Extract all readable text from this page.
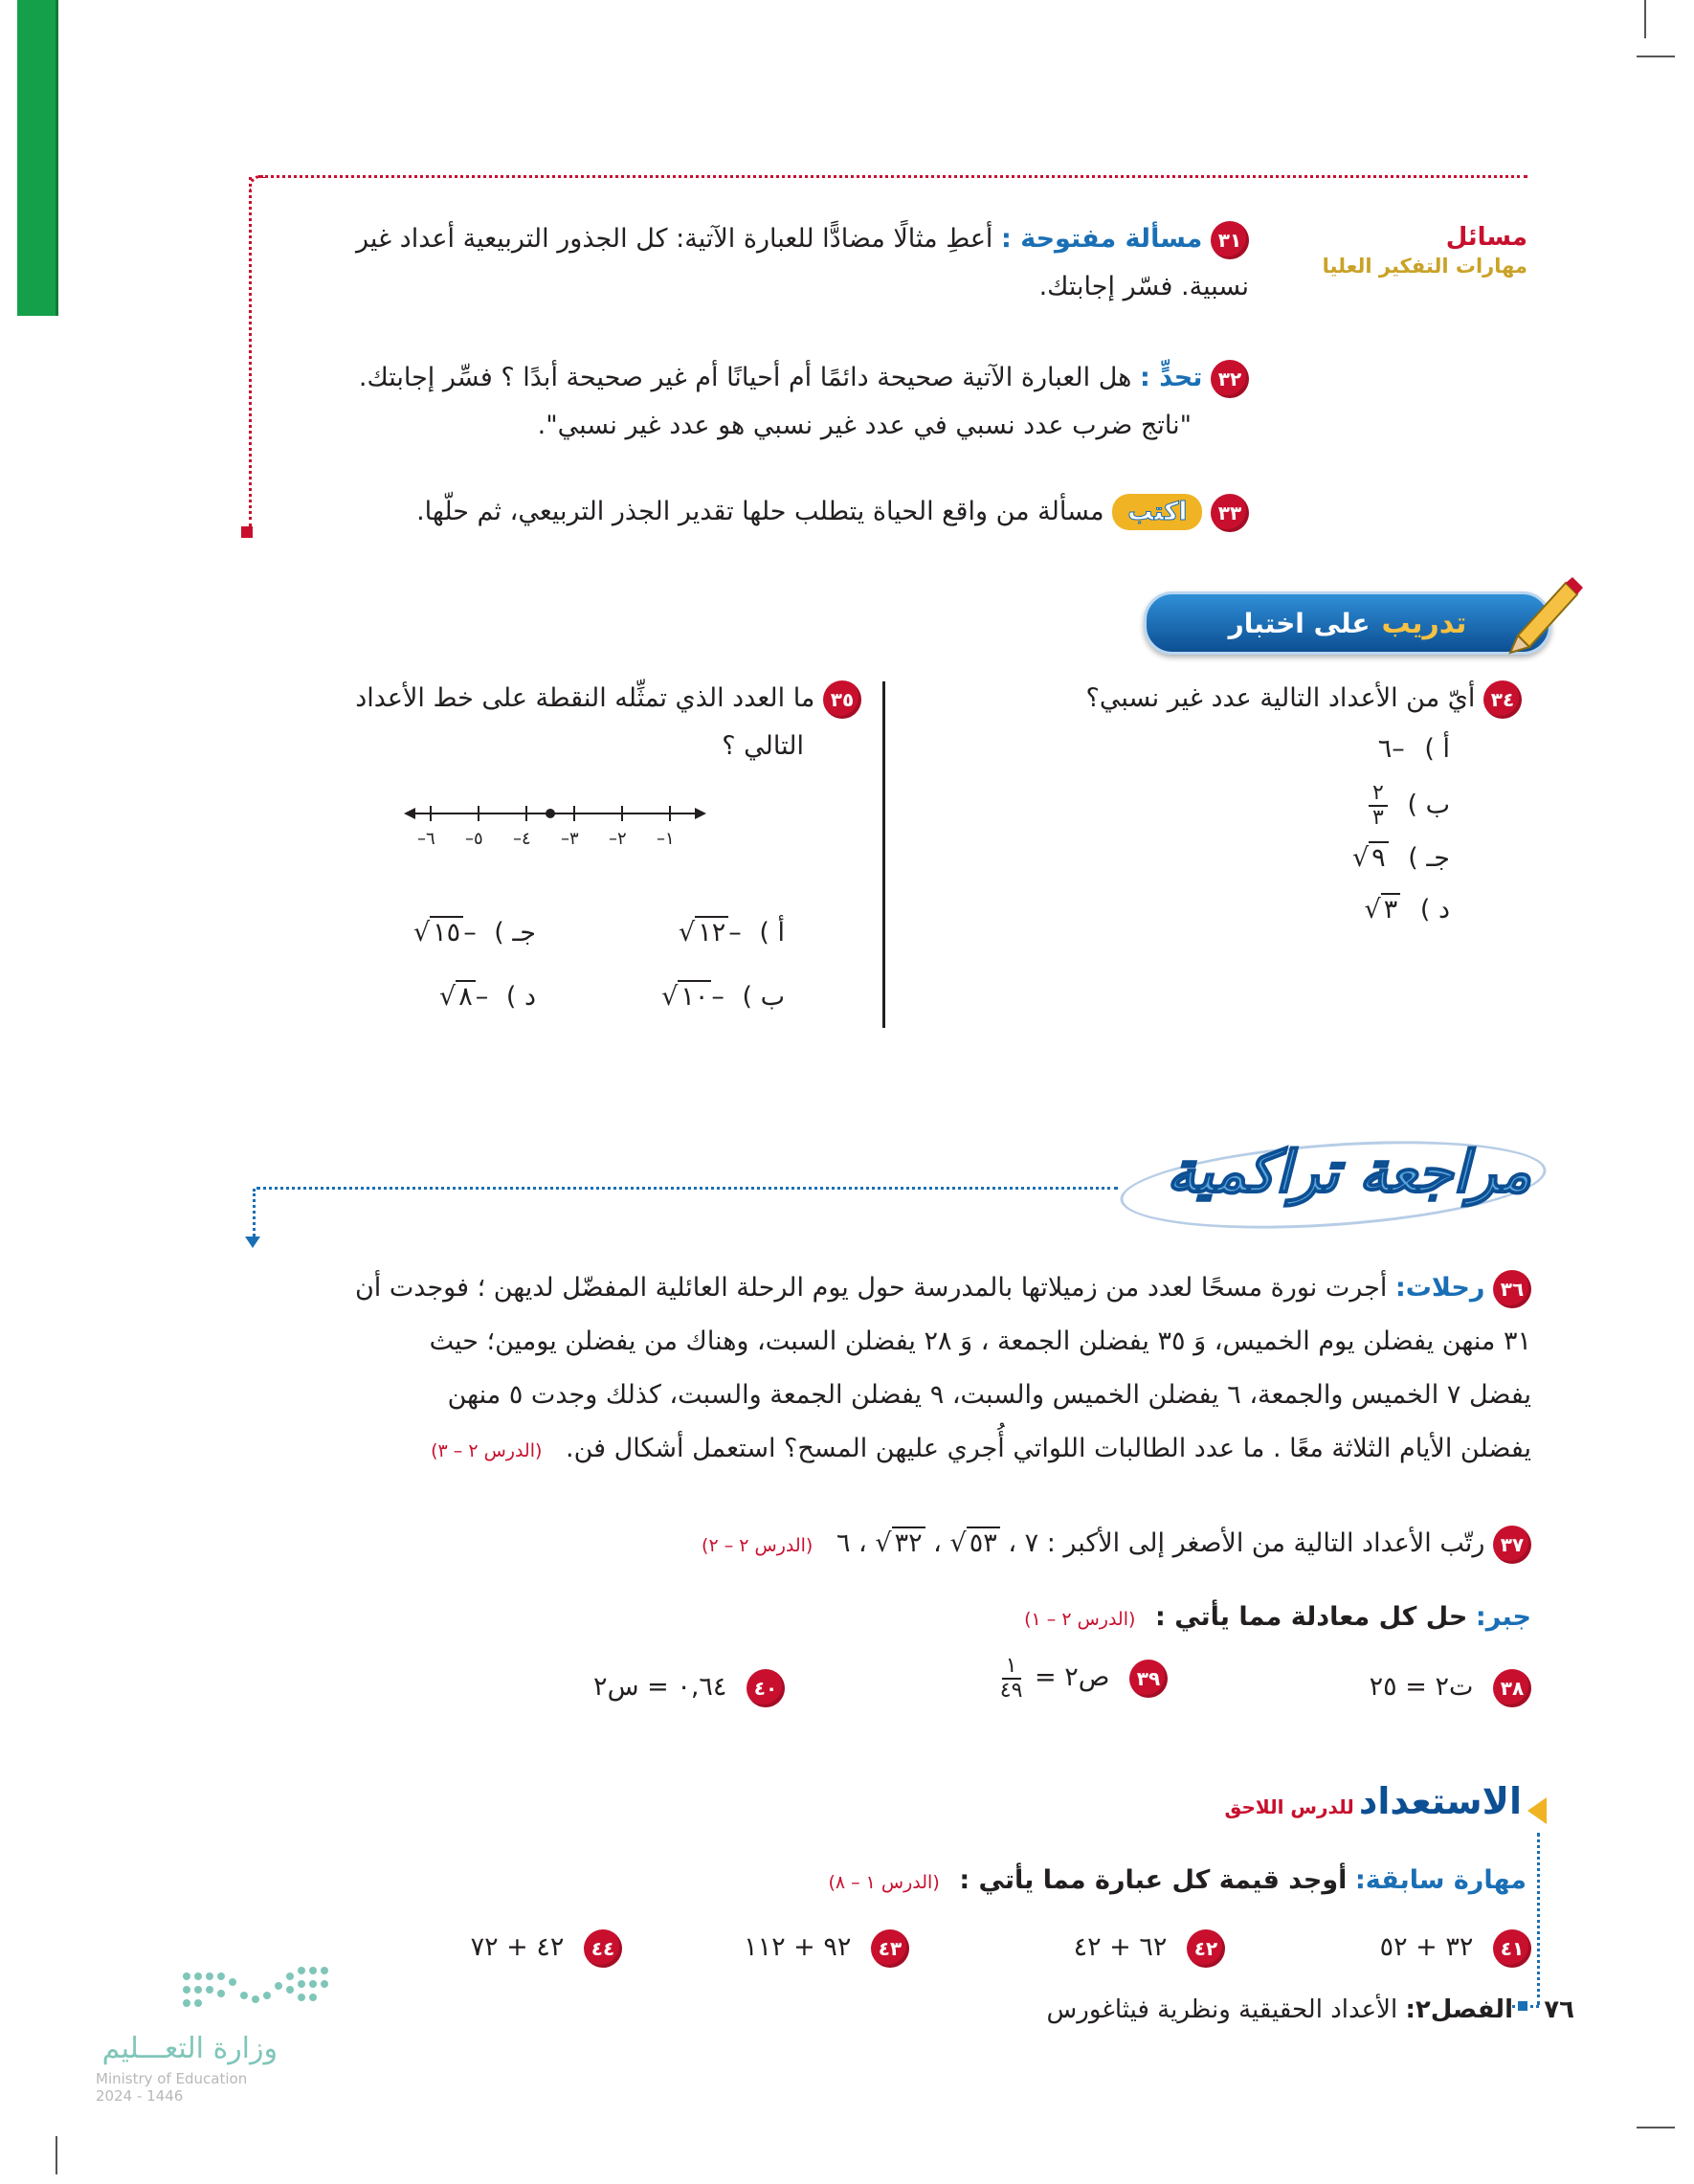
مسائل
مهارات التفكير العليا
٣١ مسألة مفتوحة : أعطِ مثالًا مضادًّا للعبارة الآتية: كل الجذور التربيعية أعداد غير
نسبية. فسّر إجابتك.
٣٢ تحدٍّ : هل العبارة الآتية صحيحة دائمًا أم أحيانًا أم غير صحيحة أبدًا ؟ فسِّر إجابتك.
"ناتج ضرب عدد نسبي في عدد غير نسبي هو عدد غير نسبي".
٣٣ اكتب مسألة من واقع الحياة يتطلب حلها تقدير الجذر التربيعي، ثم حلّها.
تدريب
على اختبار
٣٤ أيّ من الأعداد التالية عدد غير نسبي؟
أ ) –٦
ب )
$\frac{٢}{٣}$
جـ ) ٩√
د ) ٣√
٣٥ ما العدد الذي تمثِّله النقطة على خط الأعداد
التالي ؟
–٦ –٥ –٤ –٣ –٢ –١
أ ) –١٢√
ب ) –١٠√
جـ ) –١٥√
د ) –٨√
مراجعة تراكمية
٣٦ رحلات: أجرت نورة مسحًا لعدد من زميلاتها بالمدرسة حول يوم الرحلة العائلية المفضّل لديهن ؛ فوجدت أن
٣١ منهن يفضلن يوم الخميس، وَ ٣٥ يفضلن الجمعة ، وَ ٢٨ يفضلن السبت، وهناك من يفضلن يومين؛ حيث
يفضل ٧ الخميس والجمعة، ٦ يفضلن الخميس والسبت، ٩ يفضلن الجمعة والسبت، كذلك وجدت ٥ منهن
يفضلن الأيام الثلاثة معًا . ما عدد الطالبات اللواتي أُجري عليهن المسح؟ استعمل أشكال فن. (الدرس ٢ – ٣)
٣٧ رتّب الأعداد التالية من الأصغر إلى الأكبر : ٧ ، ٥٣√ ، ٣٢√ ، ٦ (الدرس ٢ – ٢)
جبر: حل كل معادلة مما يأتي : (الدرس ٢ – ١)
٣٨ ت٢ = ٢٥
٣٩ ص٢ =
$\frac{١}{٤٩}$
٤٠ ٠,٦٤ = س٢
الاستعداد للدرس اللاحق
مهارة سابقة: أوجد قيمة كل عبارة مما يأتي : (الدرس ١ – ٨)
٤١ ٣٢ + ٥٢
٤٢ ٦٢ + ٤٢
٤٣ ٩٢ + ١١٢
٤٤ ٤٢ + ٧٢
وزارة التعـــليم
Ministry of Education
2024 - 1446
٧٦ الفصل٢: الأعداد الحقيقية ونظرية فيثاغورس
